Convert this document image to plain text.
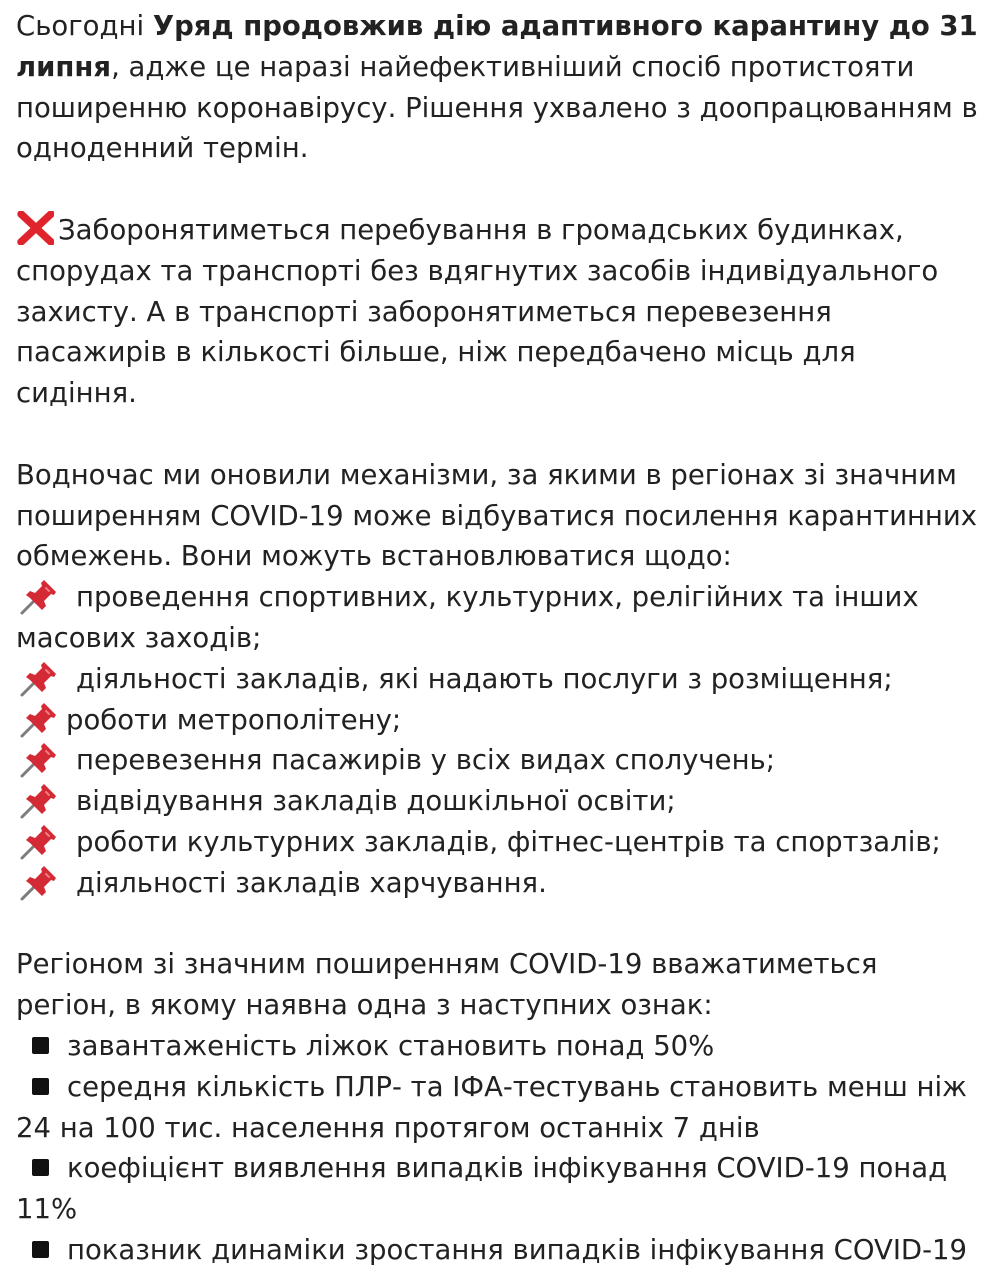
Сьогодні Уряд продовжив дію адаптивного карантину до 31 липня, адже це наразі найефективніший спосіб протистояти поширенню коронавірусу. Рішення ухвалено з доопрацюванням в одноденний термін.

Заборонятиметься перебування в громадських будинках, спорудах та транспорті без вдягнутих засобів індивідуального захисту. А в транспорті заборонятиметься перевезення пасажирів в кількості більше, ніж передбачено місць для сидіння.

Водночас ми оновили механізми, за якими в регіонах зі значним поширенням COVID-19 може відбуватися посилення карантинних обмежень. Вони можуть встановлюватися щодо:

проведення спортивних, культурних, релігійних та інших масових заходів;
діяльності закладів, які надають послуги з розміщення;
роботи метрополітену;
перевезення пасажирів у всіх видах сполучень;
відвідування закладів дошкільної освіти;
роботи культурних закладів, фітнес-центрів та спортзалів;
діяльності закладів харчування.

Регіоном зі значним поширенням COVID-19 вважатиметься регіон, в якому наявна одна з наступних ознак:

завантаженість ліжок становить понад 50%
середня кількість ПЛР- та ІФА-тестувань становить менш ніж 24 на 100 тис. населення протягом останніх 7 днів
коефіцієнт виявлення випадків інфікування COVID-19 понад 11%
показник динаміки зростання випадків інфікування COVID-19
